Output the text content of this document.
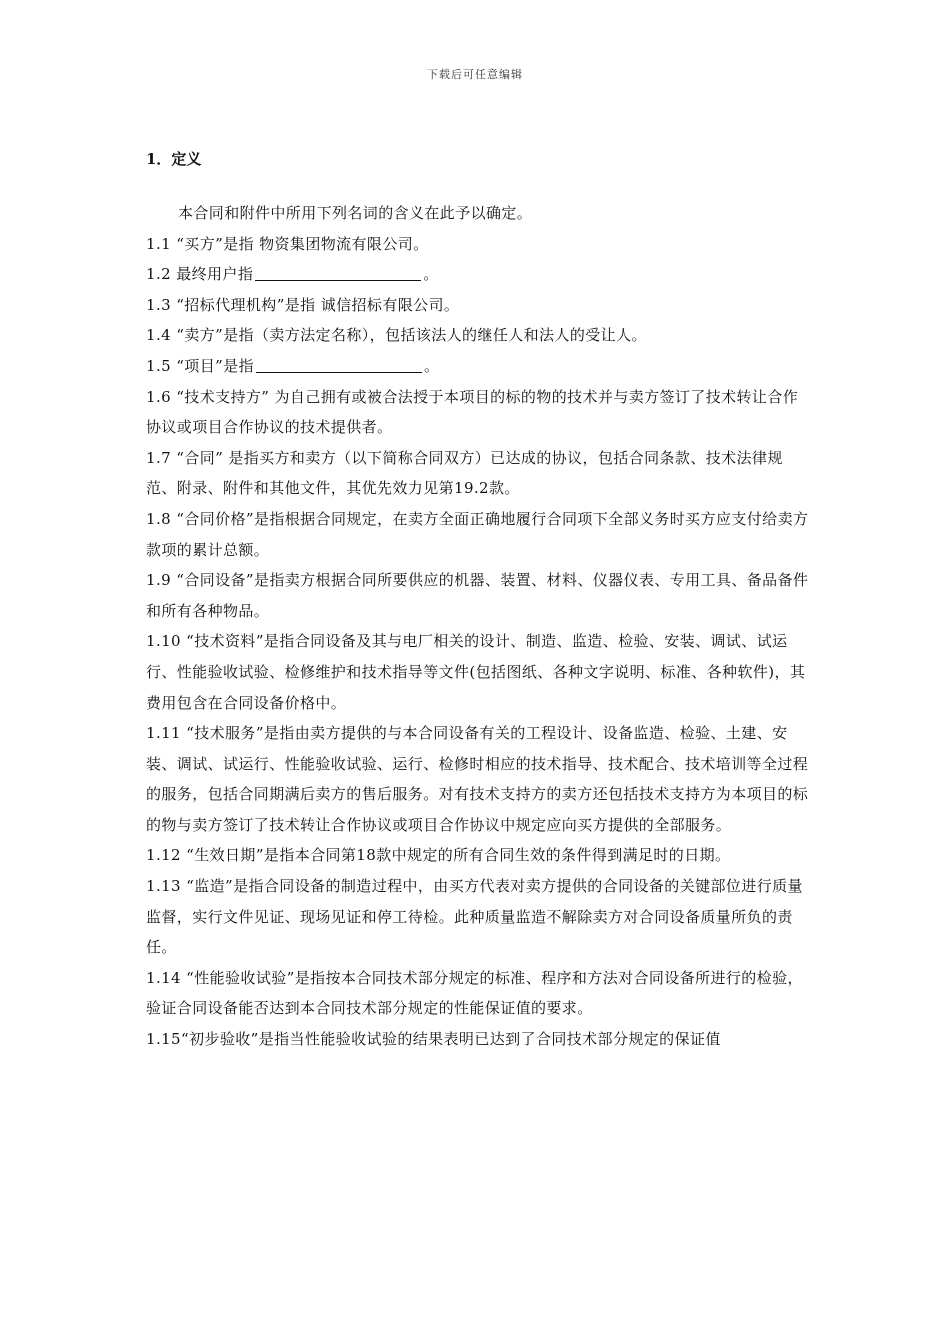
下载后可任意编辑
1．定义

本合同和附件中所用下列名词的含义在此予以确定。

1.1 “买方”是指 物资集团物流有限公司。

1.2 最终用户指	。

1.3 “招标代理机构”是指 诚信招标有限公司。

1.4 “卖方”是指（卖方法定名称），包括该法人的继任人和法人的受让人。

1.5 “项目”是指	。

1.6 “技术支持方” 为自己拥有或被合法授于本项目的标的物的技术并与卖方签订了技术转让合作协议或项目合作协议的技术提供者。

1.7 “合同” 是指买方和卖方（以下简称合同双方）已达成的协议，包括合同条款、技术法律规范、附录、附件和其他文件，其优先效力见第19.2款。

1.8 “合同价格”是指根据合同规定，在卖方全面正确地履行合同项下全部义务时买方应支付给卖方款项的累计总额。

1.9 “合同设备”是指卖方根据合同所要供应的机器、装置、材料、仪器仪表、专用工具、备品备件和所有各种物品。

1.10 “技术资料”是指合同设备及其与电厂相关的设计、制造、监造、检验、安装、调试、试运行、性能验收试验、检修维护和技术指导等文件(包括图纸、各种文字说明、标准、各种软件)，其费用包含在合同设备价格中。

1.11 “技术服务”是指由卖方提供的与本合同设备有关的工程设计、设备监造、检验、土建、安装、调试、试运行、性能验收试验、运行、检修时相应的技术指导、技术配合、技术培训等全过程的服务，包括合同期满后卖方的售后服务。对有技术支持方的卖方还包括技术支持方为本项目的标的物与卖方签订了技术转让合作协议或项目合作协议中规定应向买方提供的全部服务。

1.12 “生效日期”是指本合同第18款中规定的所有合同生效的条件得到满足时的日期。

1.13 “监造”是指合同设备的制造过程中，由买方代表对卖方提供的合同设备的关键部位进行质量监督，实行文件见证、现场见证和停工待检。此种质量监造不解除卖方对合同设备质量所负的责任。

1.14 “性能验收试验”是指按本合同技术部分规定的标准、程序和方法对合同设备所进行的检验，验证合同设备能否达到本合同技术部分规定的性能保证值的要求。

1.15“初步验收”是指当性能验收试验的结果表明已达到了合同技术部分规定的保证值
